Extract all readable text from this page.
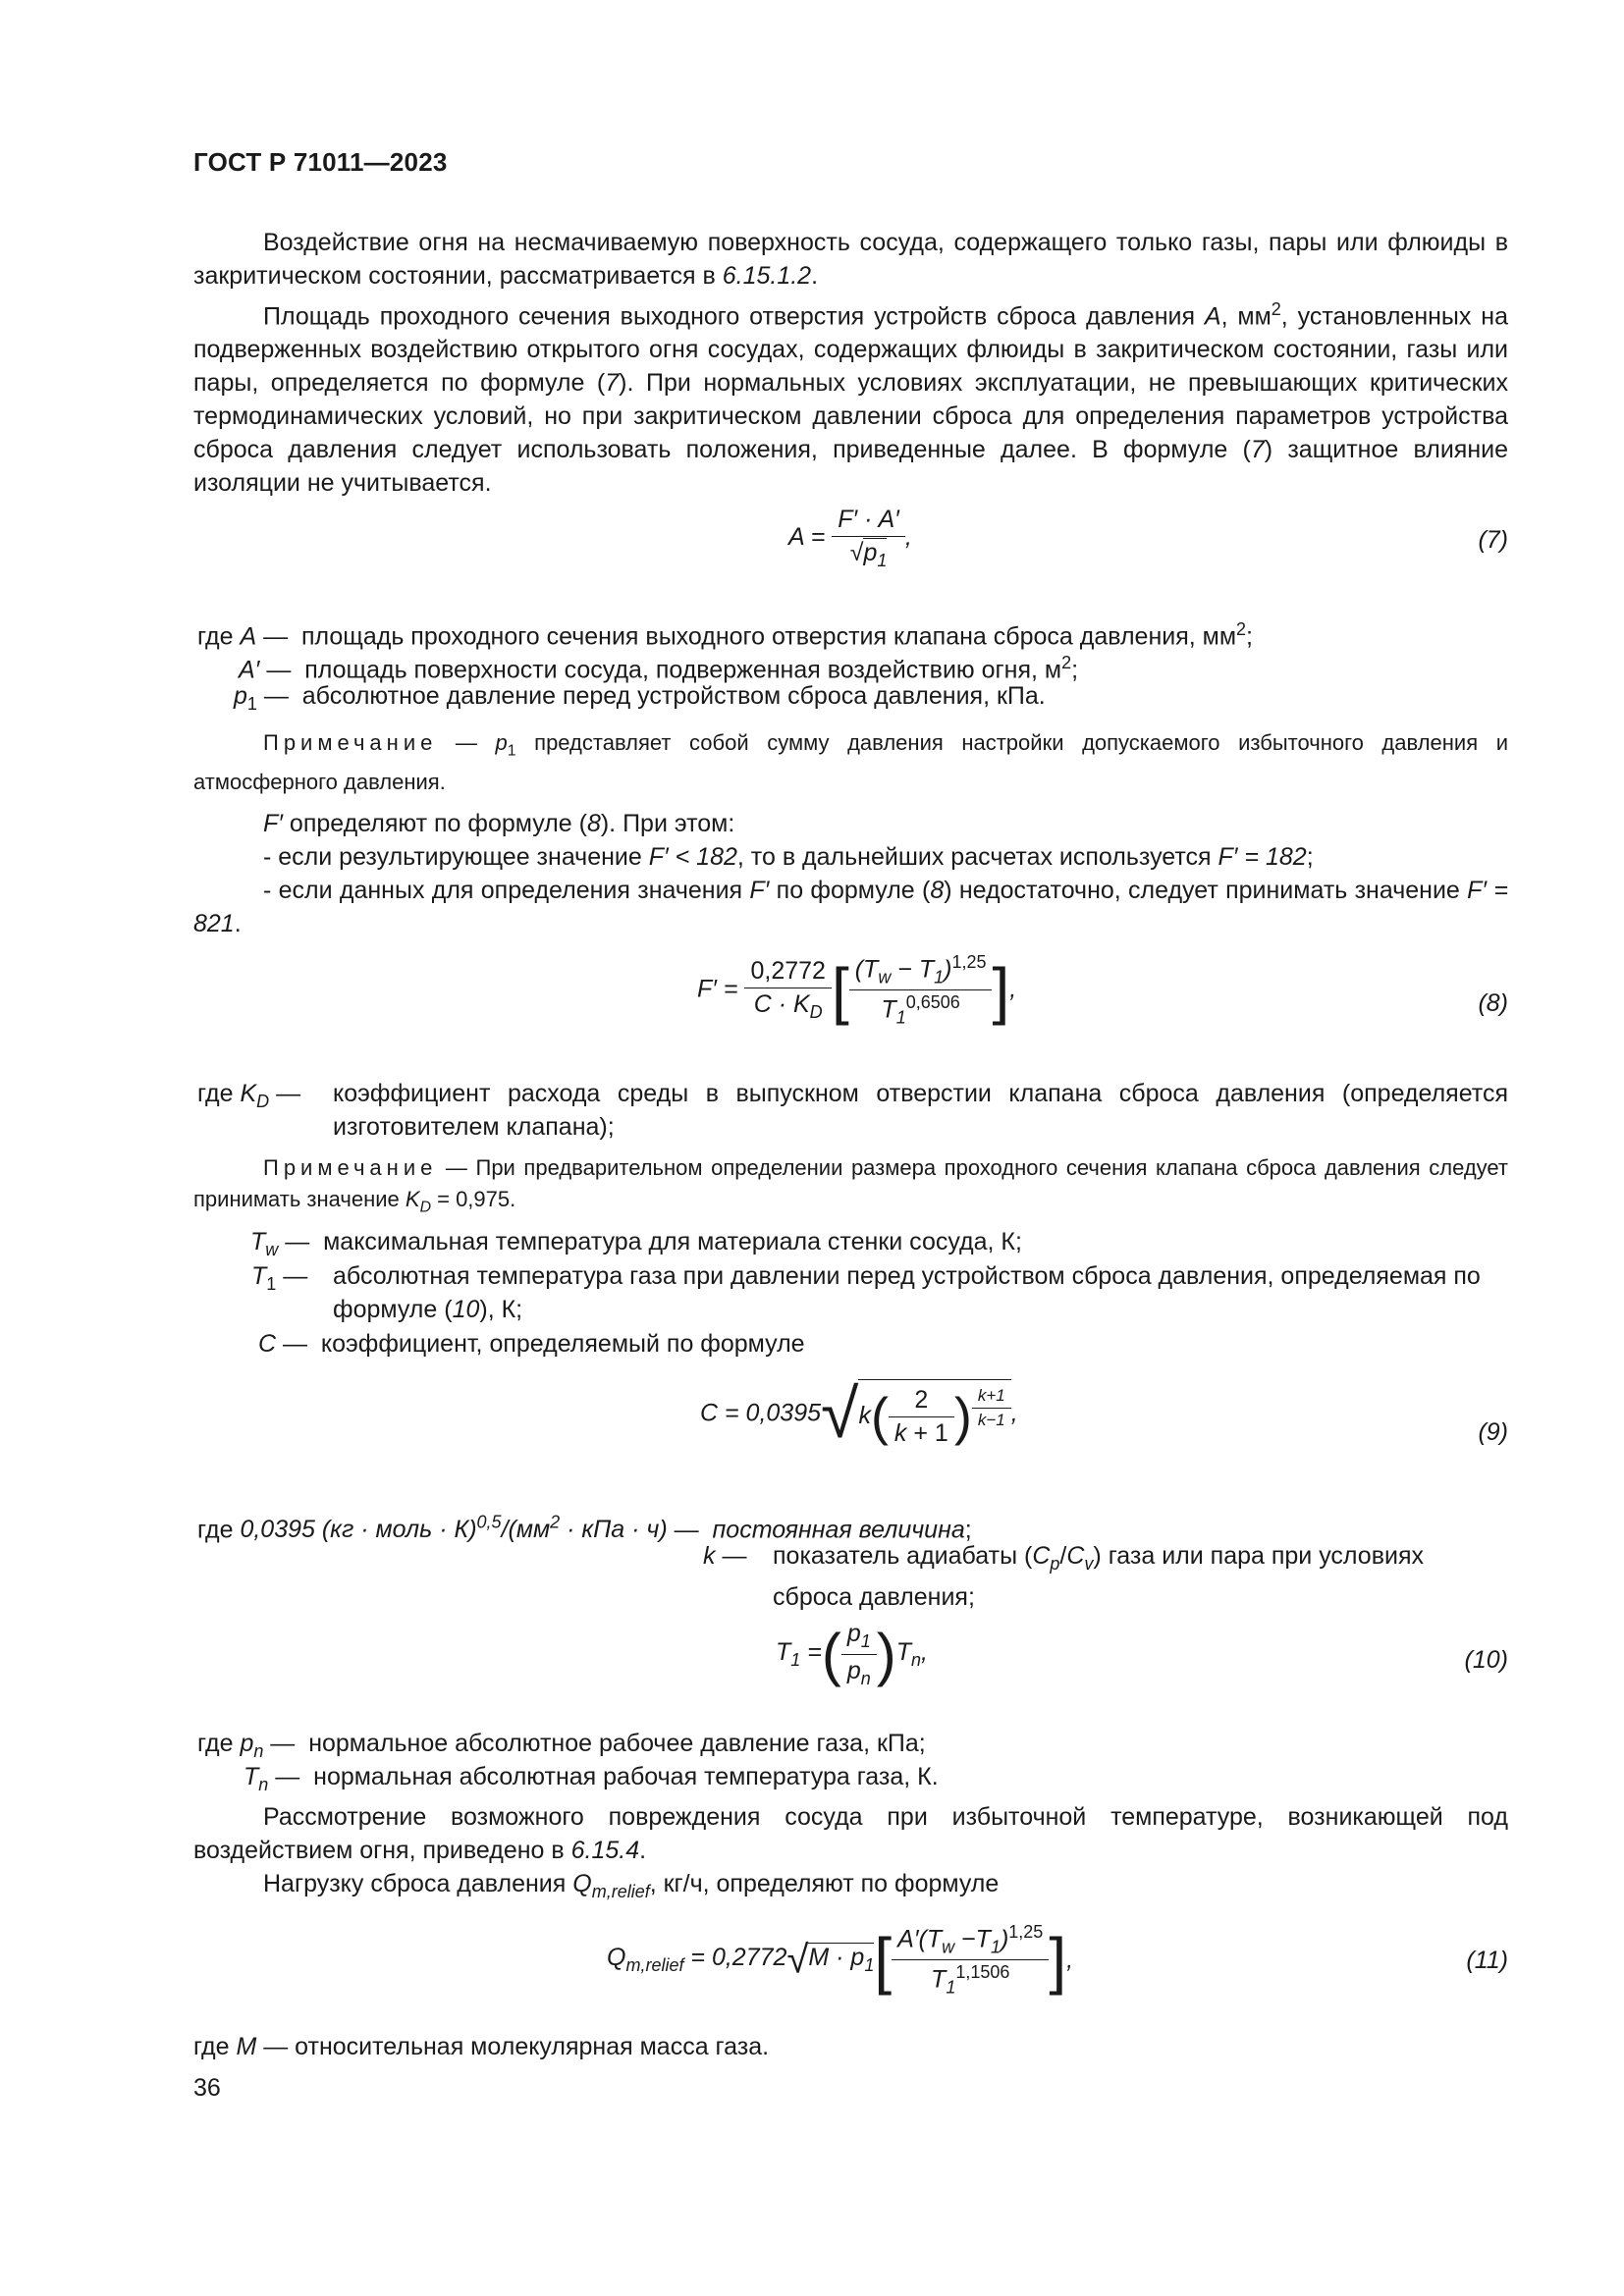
ГОСТ Р 71011—2023
Воздействие огня на несмачиваемую поверхность сосуда, содержащего только газы, пары или флюиды в закритическом состоянии, рассматривается в 6.15.1.2.
Площадь проходного сечения выходного отверстия устройств сброса давления A, $мм^2$, установленных на подверженных воздействию открытого огня сосудах, содержащих флюиды в закритическом состоянии, газы или пары, определяется по формуле (7). При нормальных условиях эксплуатации, не превышающих критических термодинамических условий, но при закритическом давлении сброса для определения параметров устройства сброса давления следует использовать положения, приведенные далее. В формуле (7) защитное влияние изоляции не учитывается.
$A = \frac{F' \cdot A'}{√p_1}$ ,	(7)
где A —  площадь проходного сечения выходного отверстия клапана сброса давления, $мм^2$;
A′ —  площадь поверхности сосуда, подверженная воздействию огня, $м^2$;
$p_1$ —  абсолютное давление перед устройством сброса давления, кПа.
Примечание — $p_1$ представляет собой сумму давления настройки допускаемого избыточного давления и атмосферного давления.
F′ определяют по формуле (8). При этом:
- если результирующее значение F′ < 182, то в дальнейших расчетах используется F′ = 182;
- если данных для определения значения F′ по формуле (8) недостаточно, следует принимать значение F′ = 821.
$F' = \frac{0,2772}{C \cdot K_D}$ [ $\frac{(T_w - T_1)^{1,25}}{T_1^{0,6506}}$ ],
(8)
где $K_D$ — коэффициент расхода среды в выпускном отверстии клапана сброса давления (определяется изготовителем клапана);
Примечание — При предварительном определении размера проходного сечения клапана сброса давления следует принимать значение $K_D = 0,975$.
$T_w$ —  максимальная температура для материала стенки сосуда, К;
$T_1$ — абсолютная температура газа при давлении перед устройством сброса давления, определяемая по формуле (10), К;
C —  коэффициент, определяемый по формуле
$C = 0,0395√k( \frac{2}{k + 1}$ ) $^{\frac{k+1}{k-1}}$ ,
(9)
где 0,0395 (кг · моль · $К)^{0,5}/(мм^2$ · кПа · ч) —  постоянная величина;
k — показатель адиабаты $(C_p/C_v)$ газа или пара при условиях сброса давления;
$T_1$ =( $\frac{p_1}{p_n} )T_n$,	(10)
где $p_n$ —  нормальное абсолютное рабочее давление газа, кПа;
$T_n$ —  нормальная абсолютная рабочая температура газа, К.
Рассмотрение возможного повреждения сосуда при избыточной температуре, возникающей под воздействием огня, приведено в 6.15.4.
Нагрузку сброса давления $Q_{m,relief}$, кг/ч, определяют по формуле
$Q_{m,relief} = 0,2772√M \cdot p_1[ \frac{A'(T_w -T_1)^{1,25}}{T_1^{1,1506}}$ ],	(11)
где M — относительная молекулярная масса газа.
36
